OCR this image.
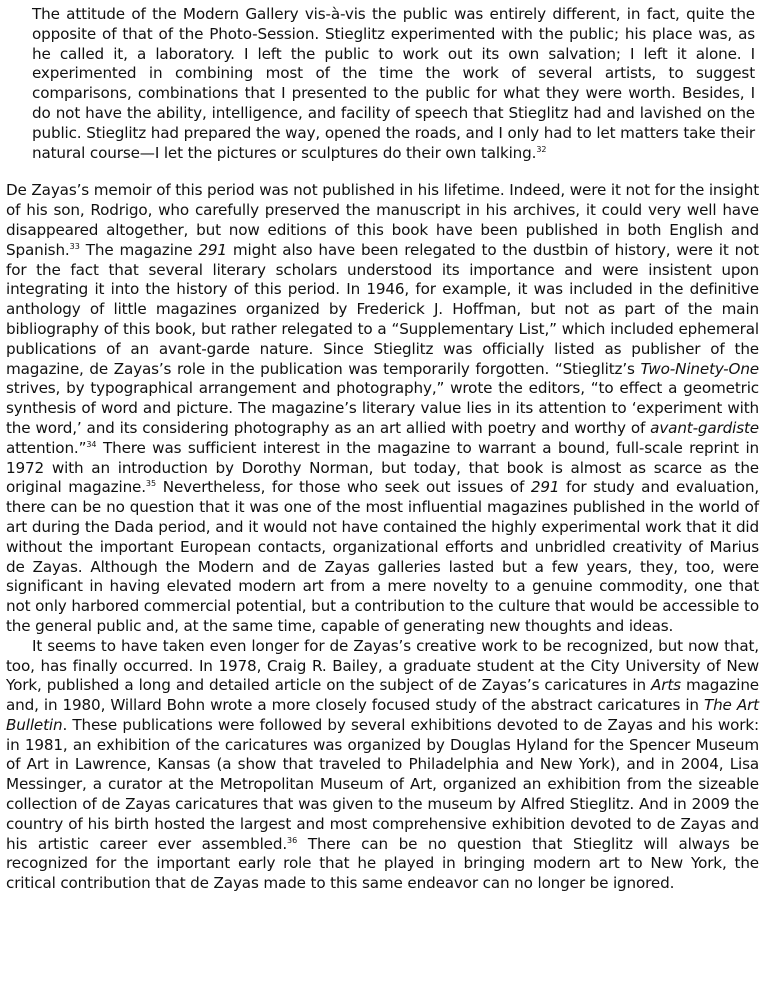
The attitude of the Modern Gallery vis-à-vis the public was entirely different, in fact, quite the opposite of that of the Photo-Session. Stieglitz experimented with the public; his place was, as he called it, a laboratory. I left the public to work out its own salvation; I left it alone. I experimented in combining most of the time the work of several artists, to suggest comparisons, combinations that I presented to the public for what they were worth. Besides, I do not have the ability, intelligence, and facility of speech that Stieglitz had and lavished on the public. Stieglitz had prepared the way, opened the roads, and I only had to let matters take their natural course—I let the pictures or sculptures do their own talking.$^{32}$

De Zayas’s memoir of this period was not published in his lifetime. Indeed, were it not for the insight of his son, Rodrigo, who carefully preserved the manuscript in his archives, it could very well have disappeared altogether, but now editions of this book have been published in both English and Spanish.$^{33}$ The magazine 291 might also have been relegated to the dustbin of history, were it not for the fact that several literary scholars understood its importance and were insistent upon integrating it into the history of this period. In 1946, for example, it was included in the definitive anthology of little magazines organized by Frederick J. Hoffman, but not as part of the main bibliography of this book, but rather relegated to a “Supplementary List,” which included ephemeral publications of an avant-garde nature. Since Stieglitz was officially listed as publisher of the magazine, de Zayas’s role in the publication was temporarily forgotten. “Stieglitz’s Two-Ninety-One strives, by typographical arrangement and photography,” wrote the editors, “to effect a geometric synthesis of word and picture. The magazine’s literary value lies in its attention to ‘experiment with the word,’ and its considering photography as an art allied with poetry and worthy of avant-gardiste attention.”$^{34}$ There was sufficient interest in the magazine to warrant a bound, full-scale reprint in 1972 with an introduction by Dorothy Norman, but today, that book is almost as scarce as the original magazine.$^{35}$ Nevertheless, for those who seek out issues of 291 for study and evaluation, there can be no question that it was one of the most influential magazines published in the world of art during the Dada period, and it would not have contained the highly experimental work that it did without the important European contacts, organizational efforts and unbridled creativity of Marius de Zayas. Although the Modern and de Zayas galleries lasted but a few years, they, too, were significant in having elevated modern art from a mere novelty to a genuine commodity, one that not only harbored commercial potential, but a contribution to the culture that would be accessible to the general public and, at the same time, capable of generating new thoughts and ideas.

It seems to have taken even longer for de Zayas’s creative work to be recognized, but now that, too, has finally occurred. In 1978, Craig R. Bailey, a graduate student at the City University of New York, published a long and detailed article on the subject of de Zayas’s caricatures in Arts magazine and, in 1980, Willard Bohn wrote a more closely focused study of the abstract caricatures in The Art Bulletin. These publications were followed by several exhibitions devoted to de Zayas and his work: in 1981, an exhibition of the caricatures was organized by Douglas Hyland for the Spencer Museum of Art in Lawrence, Kansas (a show that traveled to Philadelphia and New York), and in 2004, Lisa Messinger, a curator at the Metropolitan Museum of Art, organized an exhibition from the sizeable collection of de Zayas caricatures that was given to the museum by Alfred Stieglitz. And in 2009 the country of his birth hosted the largest and most comprehensive exhibition devoted to de Zayas and his artistic career ever assembled.$^{36}$ There can be no question that Stieglitz will always be recognized for the important early role that he played in bringing modern art to New York, the critical contribution that de Zayas made to this same endeavor can no longer be ignored.
